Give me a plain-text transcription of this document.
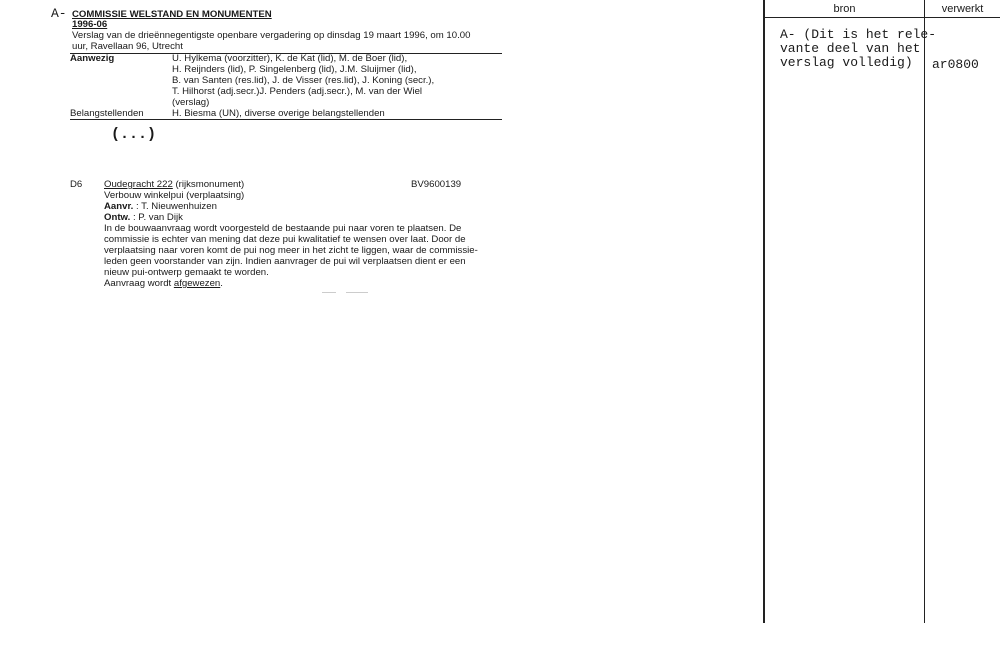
A- COMMISSIE WELSTAND EN MONUMENTEN
1996-06
Verslag van de drieënnegentigste openbare vergadering op dinsdag 19 maart 1996, om 10.00
uur, Ravellaan 96, Utrecht
Aanwezig	U. Hylkema (voorzitter), K. de Kat (lid), M. de Boer (lid),
H. Reijnders (lid), P. Singelenberg (lid), J.M. Sluijmer (lid),
B. van Santen (res.lid), J. de Visser (res.lid), J. Koning (secr.),
T. Hilhorst (adj.secr.)J. Penders (adj.secr.), M. van der Wiel
(verslag)
Belangstellenden	H. Biesma (UN), diverse overige belangstellenden
(...)
D6 Oudegracht 222 (rijksmonument)	BV9600139
Verbouw winkelpui (verplaatsing)
Aanvr. : T. Nieuwenhuizen
Ontw. : P. van Dijk
In de bouwaanvraag wordt voorgesteld de bestaande pui naar voren te plaatsen. De
commissie is echter van mening dat deze pui kwalitatief te wensen over laat. Door de
verplaatsing naar voren komt de pui nog meer in het zicht te liggen, waar de commissie-
leden geen voorstander van zijn. Indien aanvrager de pui wil verplaatsen dient er een
nieuw pui-ontwerp gemaakt te worden.
Aanvraag wordt afgewezen.
bron	verwerkt
A- (Dit is het rele-
vante deel van het
verslag volledig) ar0800
